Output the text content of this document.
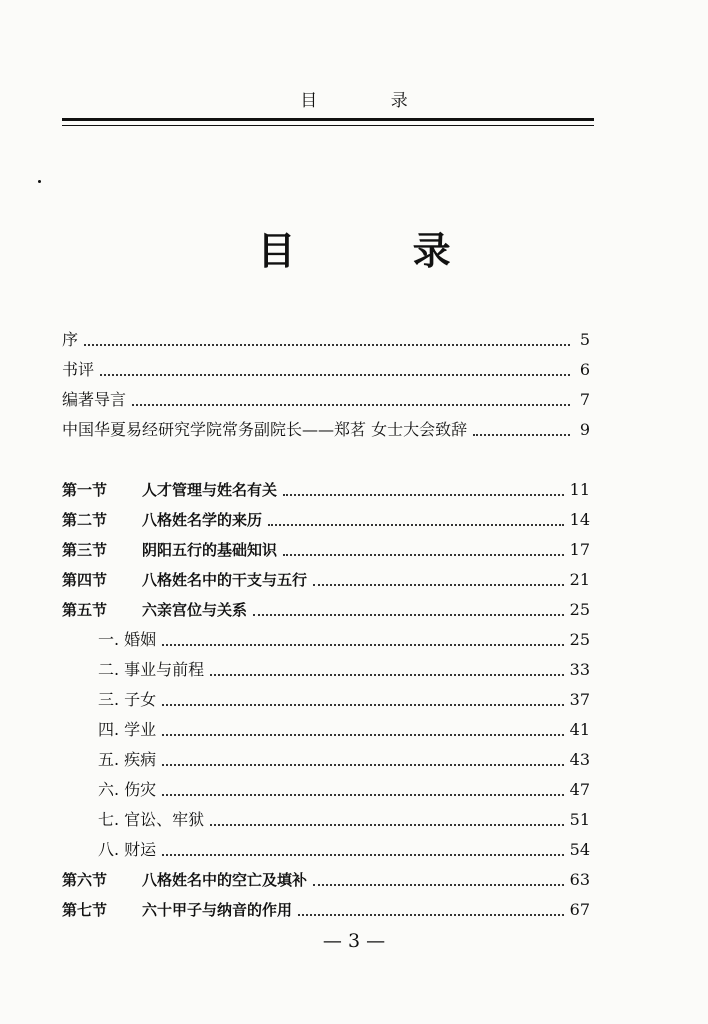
目 录
目 录
序	5
书评	6
编著导言	7
中国华夏易经研究学院常务副院长——郑茗 女士大会致辞	9
第一节 人才管理与姓名有关	11
第二节 八格姓名学的来历	14
第三节 阴阳五行的基础知识	17
第四节 八格姓名中的干支与五行	21
第五节 六亲宫位与关系	25
一. 婚姻	25
二. 事业与前程	33
三. 子女	37
四. 学业	41
五. 疾病	43
六. 伤灾	47
七. 官讼、牢狱	51
八. 财运	54
第六节 八格姓名中的空亡及填补	63
第七节 六十甲子与纳音的作用	67
— 3 —
